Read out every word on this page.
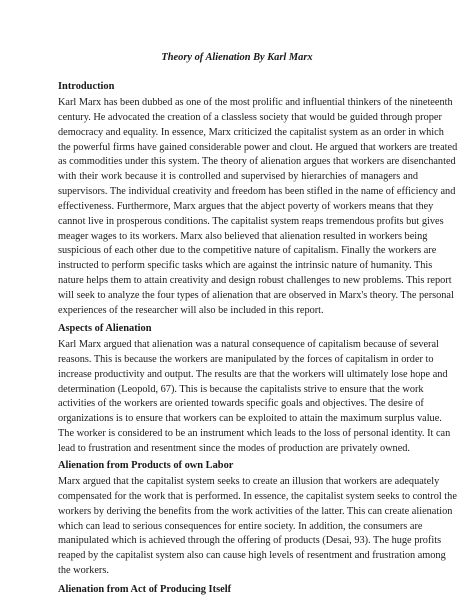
Theory of Alienation By Karl Marx
Introduction
Karl Marx has been dubbed as one of the most prolific and influential thinkers of the nineteenth
century. He advocated the creation of a classless society that would be guided through proper
democracy and equality. In essence, Marx criticized the capitalist system as an order in which
the powerful firms have gained considerable power and clout. He argued that workers are treated
as commodities under this system. The theory of alienation argues that workers are disenchanted
with their work because it is controlled and supervised by hierarchies of managers and
supervisors. The individual creativity and freedom has been stifled in the name of efficiency and
effectiveness. Furthermore, Marx argues that the abject poverty of workers means that they
cannot live in prosperous conditions. The capitalist system reaps tremendous profits but gives
meager wages to its workers. Marx also believed that alienation resulted in workers being
suspicious of each other due to the competitive nature of capitalism. Finally the workers are
instructed to perform specific tasks which are against the intrinsic nature of humanity. This
nature helps them to attain creativity and design robust challenges to new problems. This report
will seek to analyze the four types of alienation that are observed in Marx's theory. The personal
experiences of the researcher will also be included in this report.
Aspects of Alienation
Karl Marx argued that alienation was a natural consequence of capitalism because of several
reasons. This is because the workers are manipulated by the forces of capitalism in order to
increase productivity and output. The results are that the workers will ultimately lose hope and
determination (Leopold, 67). This is because the capitalists strive to ensure that the work
activities of the workers are oriented towards specific goals and objectives. The desire of
organizations is to ensure that workers can be exploited to attain the maximum surplus value.
The worker is considered to be an instrument which leads to the loss of personal identity. It can
lead to frustration and resentment since the modes of production are privately owned.
Alienation from Products of own Labor
Marx argued that the capitalist system seeks to create an illusion that workers are adequately
compensated for the work that is performed. In essence, the capitalist system seeks to control the
workers by deriving the benefits from the work activities of the latter. This can create alienation
which can lead to serious consequences for entire society. In addition, the consumers are
manipulated which is achieved through the offering of products (Desai, 93). The huge profits
reaped by the capitalist system also can cause high levels of resentment and frustration among
the workers.
Alienation from Act of Producing Itself
